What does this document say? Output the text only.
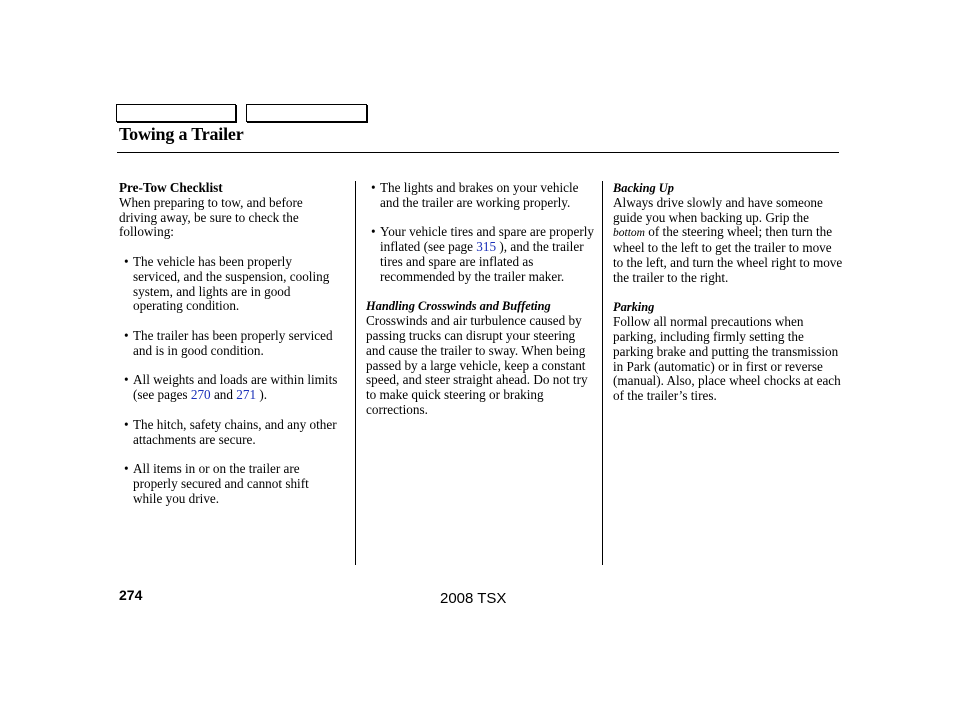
Towing a Trailer

Pre-Tow Checklist

When preparing to tow, and before driving away, be sure to check the following:

• The vehicle has been properly serviced, and the suspension, cooling system, and lights are in good operating condition.
• The trailer has been properly serviced and is in good condition.
• All weights and loads are within limits (see pages 270 and 271 ).
• The hitch, safety chains, and any other attachments are secure.
• All items in or on the trailer are properly secured and cannot shift while you drive.
• The lights and brakes on your vehicle and the trailer are working properly.
• Your vehicle tires and spare are properly inflated (see page 315 ), and the trailer tires and spare are inflated as recommended by the trailer maker.

Handling Crosswinds and Buffeting

Crosswinds and air turbulence caused by passing trucks can disrupt your steering and cause the trailer to sway. When being passed by a large vehicle, keep a constant speed, and steer straight ahead. Do not try to make quick steering or braking corrections.

Backing Up

Always drive slowly and have someone guide you when backing up. Grip the bottom of the steering wheel; then turn the wheel to the left to get the trailer to move to the left, and turn the wheel right to move the trailer to the right.

Parking

Follow all normal precautions when parking, including firmly setting the parking brake and putting the transmission in Park (automatic) or in first or reverse (manual). Also, place wheel chocks at each of the trailer’s tires.

274	2008 TSX
